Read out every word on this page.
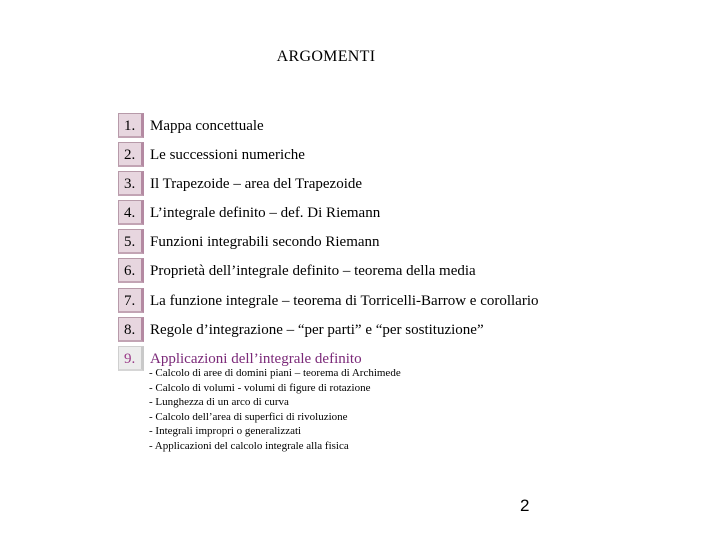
ARGOMENTI
1. Mappa concettuale
2. Le successioni numeriche
3. Il Trapezoide – area del Trapezoide
4. L’integrale definito – def. Di Riemann
5. Funzioni integrabili secondo Riemann
6. Proprietà dell’integrale definito – teorema della media
7. La funzione integrale – teorema di Torricelli-Barrow e corollario
8. Regole d’integrazione – “per parti” e “per sostituzione”
9. Applicazioni dell’integrale definito
- Calcolo di aree di domini piani – teorema di Archimede
- Calcolo di volumi - volumi di figure di rotazione
- Lunghezza di un arco di curva
- Calcolo dell’area di superfici di rivoluzione
- Integrali impropri o generalizzati
- Applicazioni del calcolo integrale alla fisica
2
